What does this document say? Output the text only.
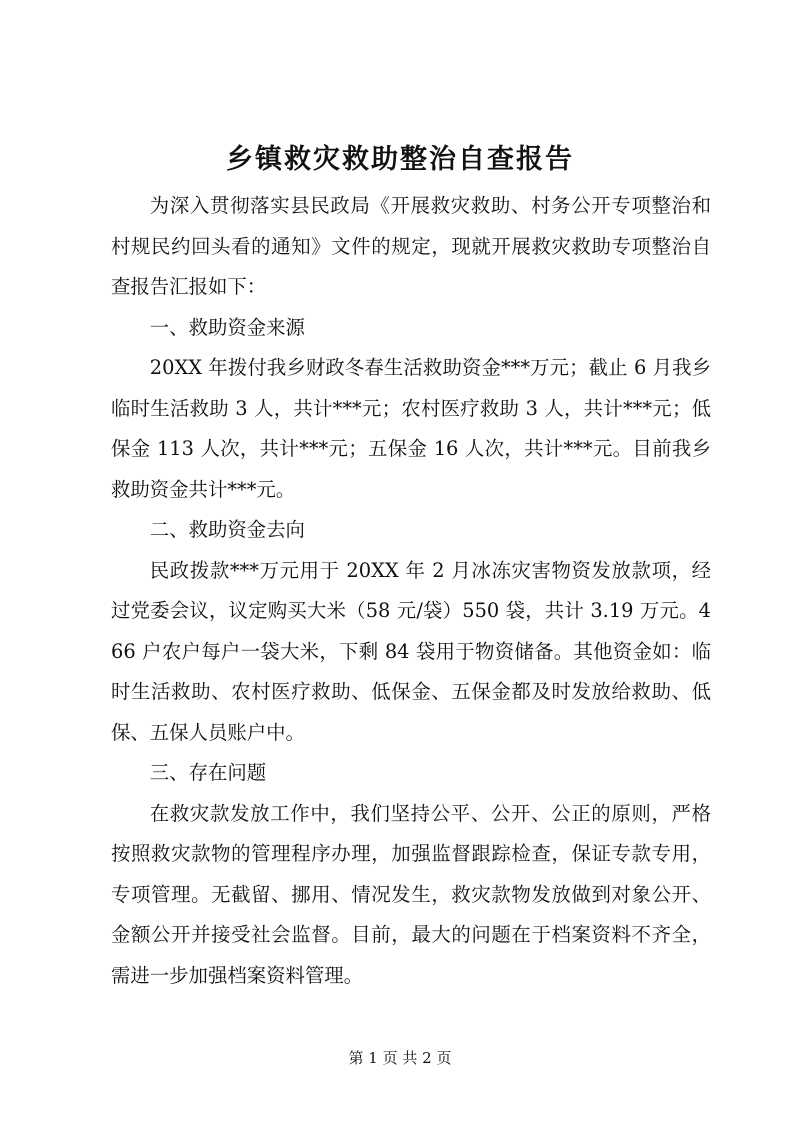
乡镇救灾救助整治自查报告

为深入贯彻落实县民政局《开展救灾救助、村务公开专项整治和村规民约回头看的通知》文件的规定，现就开展救灾救助专项整治自查报告汇报如下：

一、救助资金来源

20XX 年拨付我乡财政冬春生活救助资金***万元；截止 6 月我乡临时生活救助 3 人，共计***元；农村医疗救助 3 人，共计***元；低保金 113 人次，共计***元；五保金 16 人次，共计***元。目前我乡救助资金共计***元。

二、救助资金去向

民政拨款***万元用于 20XX 年 2 月冰冻灾害物资发放款项，经过党委会议，议定购买大米（58 元/袋）550 袋，共计 3.19 万元。466 户农户每户一袋大米，下剩 84 袋用于物资储备。其他资金如：临时生活救助、农村医疗救助、低保金、五保金都及时发放给救助、低保、五保人员账户中。

三、存在问题

在救灾款发放工作中，我们坚持公平、公开、公正的原则，严格按照救灾款物的管理程序办理，加强监督跟踪检查，保证专款专用，专项管理。无截留、挪用、情况发生，救灾款物发放做到对象公开、金额公开并接受社会监督。目前，最大的问题在于档案资料不齐全，需进一步加强档案资料管理。

第 1 页 共 2 页
